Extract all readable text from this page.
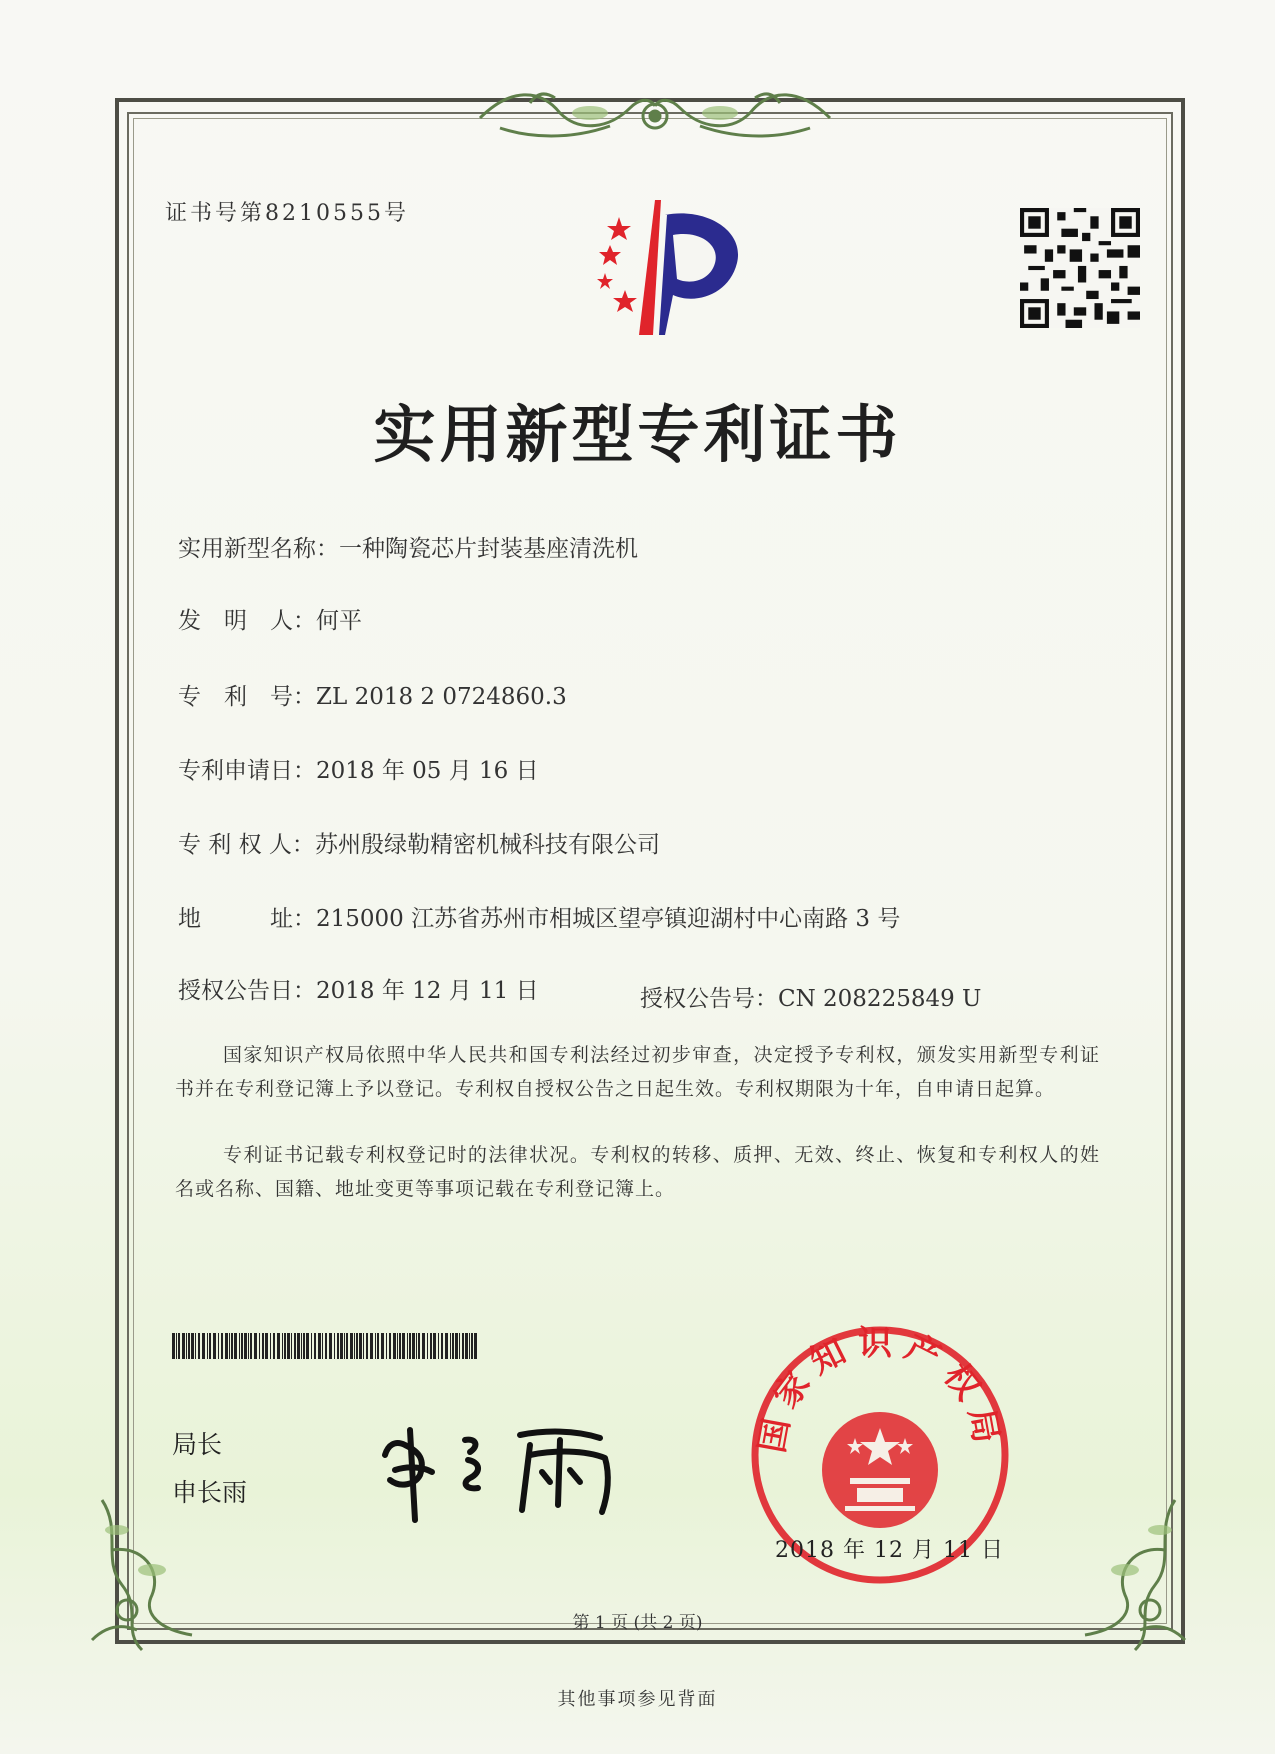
证书号第8210555号
实用新型专利证书
实用新型名称：一种陶瓷芯片封装基座清洗机
发　明　人：何平
专　利　号：ZL 2018 2 0724860.3
专利申请日：2018 年 05 月 16 日
专 利 权 人：苏州殷绿勒精密机械科技有限公司
地　　　址：215000 江苏省苏州市相城区望亭镇迎湖村中心南路 3 号
授权公告日：2018 年 12 月 11 日	授权公告号：CN 208225849 U
国家知识产权局依照中华人民共和国专利法经过初步审查，决定授予专利权，颁发实用新型专利证书并在专利登记簿上予以登记。专利权自授权公告之日起生效。专利权期限为十年，自申请日起算。
专利证书记载专利权登记时的法律状况。专利权的转移、质押、无效、终止、恢复和专利权人的姓名或名称、国籍、地址变更等事项记载在专利登记簿上。
局长
申长雨
国家知识产权局
2018 年 12 月 11 日
第 1 页 (共 2 页)
其他事项参见背面
